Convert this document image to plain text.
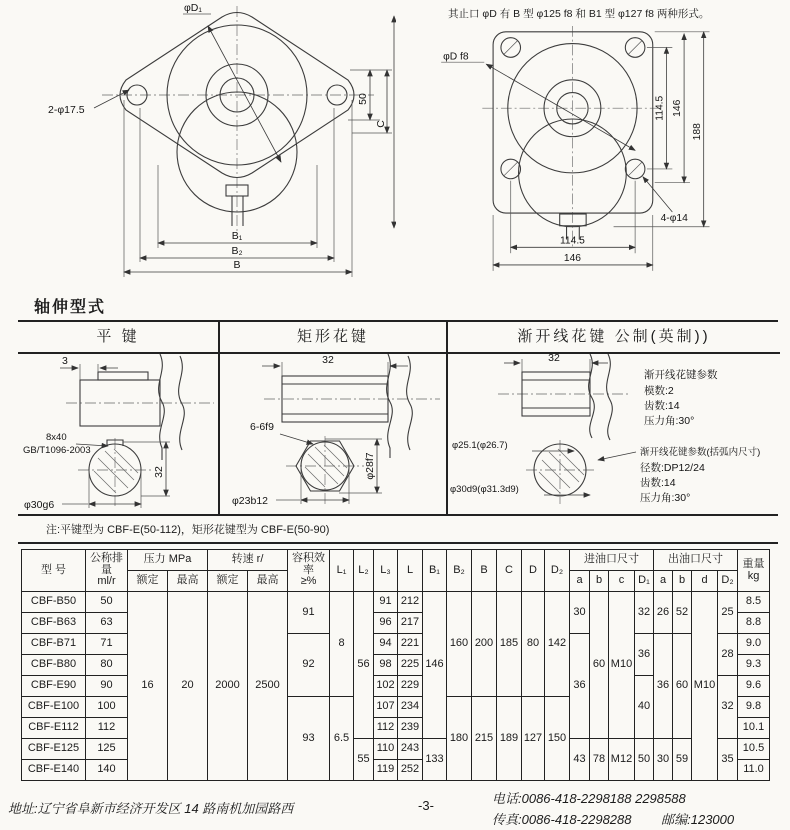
φD₁
2-φ17.5
50
C
B₁
B₂
B
其止口 φD 有 B 型 φ125 f8 和 B1 型 φ127 f8 两种形式。
φD f8
4-φ14
114.5 146
188
114.5
146
轴伸型式
平 键
3
8x40
GB/T1096-2003
φ30g6
32
矩形花键
32
6-6f9
φ23b12
φ28f7
渐开线花键 公制(英制))
32
渐开线花键参数
模数:2
齿数:14
压力角:30°
φ25.1(φ26.7)
φ30d9(φ31.3d9)
渐开线花键参数(括弧内尺寸)
径数:DP12/24
齿数:14
压力角:30°
注:平键型为 CBF-E(50-112)，矩形花键型为 CBF-E(50-90)
型 号	
公称排量
ml/r
	压力 MPa	转速 r/	容积效率
≥%
	L₁	L₂	L₃	L	B₁	B₂	B	C	D	D₂	进油口尺寸	出油口尺寸	重量
kg

		额定	最高	额定	最高												a	b	c	D₁	a	b	d	D₂	
CBF-B50	50	16	20	2000	2500	91	8	56	91	212	146	160	200	185	80	142	30	60	M10	32	26	52	M10	25	8.5
CBF-B63	63								96	217															8.8
CBF-B71	71					92			94	221							36			36	36	60		28	9.0
CBF-B80	80								98	225															9.3
CBF-E90	90								102	229										40				32	9.6
CBF-E100	100					93	6.5		107	234		180	215	189	127	150									9.8
CBF-E112	112								112	239															10.1
CBF-E125	125							55	110	243	133						43	78	M12	50	30	59		35	10.5
CBF-E140	140								119	252															11.0
地址:辽宁省阜新市经济开发区 14 路南机加园路西	-3-	电话:0086-418-2298188 2298588
传真:0086-418-2298288 邮编:123000
